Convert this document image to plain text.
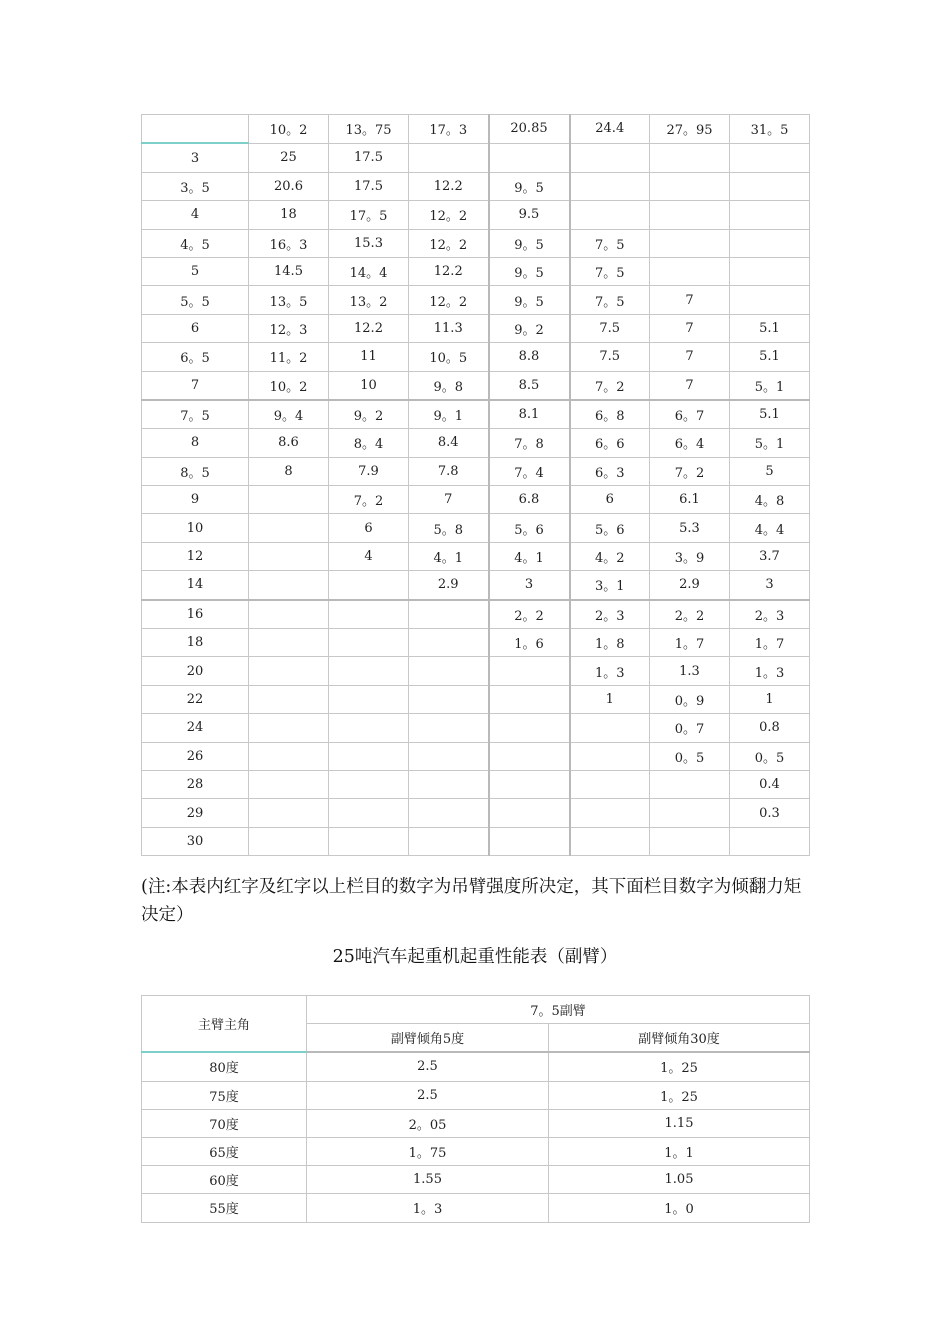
	10。2	13。75	17。3	20.85	24.4	27。95	31。5
3	25	17.5					
3。5	20.6	17.5	12.2	9。5			
4	18	17。5	12。2	9.5			
4。5	16。3	15.3	12。2	9。5	7。5		
5	14.5	14。4	12.2	9。5	7。5		
5。5	13。5	13。2	12。2	9。5	7。5	7	
6	12。3	12.2	11.3	9。2	7.5	7	5.1
6。5	11。2	11	10。5	8.8	7.5	7	5.1
7	10。2	10	9。8	8.5	7。2	7	5。1
7。5	9。4	9。2	9。1	8.1	6。8	6。7	5.1
8	8.6	8。4	8.4	7。8	6。6	6。4	5。1
8。5	8	7.9	7.8	7。4	6。3	7。2	5
9		7。2	7	6.8	6	6.1	4。8
10		6	5。8	5。6	5。6	5.3	4。4
12		4	4。1	4。1	4。2	3。9	3.7
14			2.9	3	3。1	2.9	3
16				2。2	2。3	2。2	2。3
18				1。6	1。8	1。7	1。7
20					1。3	1.3	1。3
22					1	0。9	1
24						0。7	0.8
26						0。5	0。5
28							0.4
29							0.3
30							

(注:本表内红字及红字以上栏目的数字为吊臂强度所决定，其下面栏目数字为倾翻力矩决定）

25吨汽车起重机起重性能表（副臂）
主臂主角	7。5副臂	
	副臂倾角5度	副臂倾角30度
80度	2.5	1。25
75度	2.5	1。25
70度	2。05	1.15
65度	1。75	1。1
60度	1.55	1.05
55度	1。3	1。0
